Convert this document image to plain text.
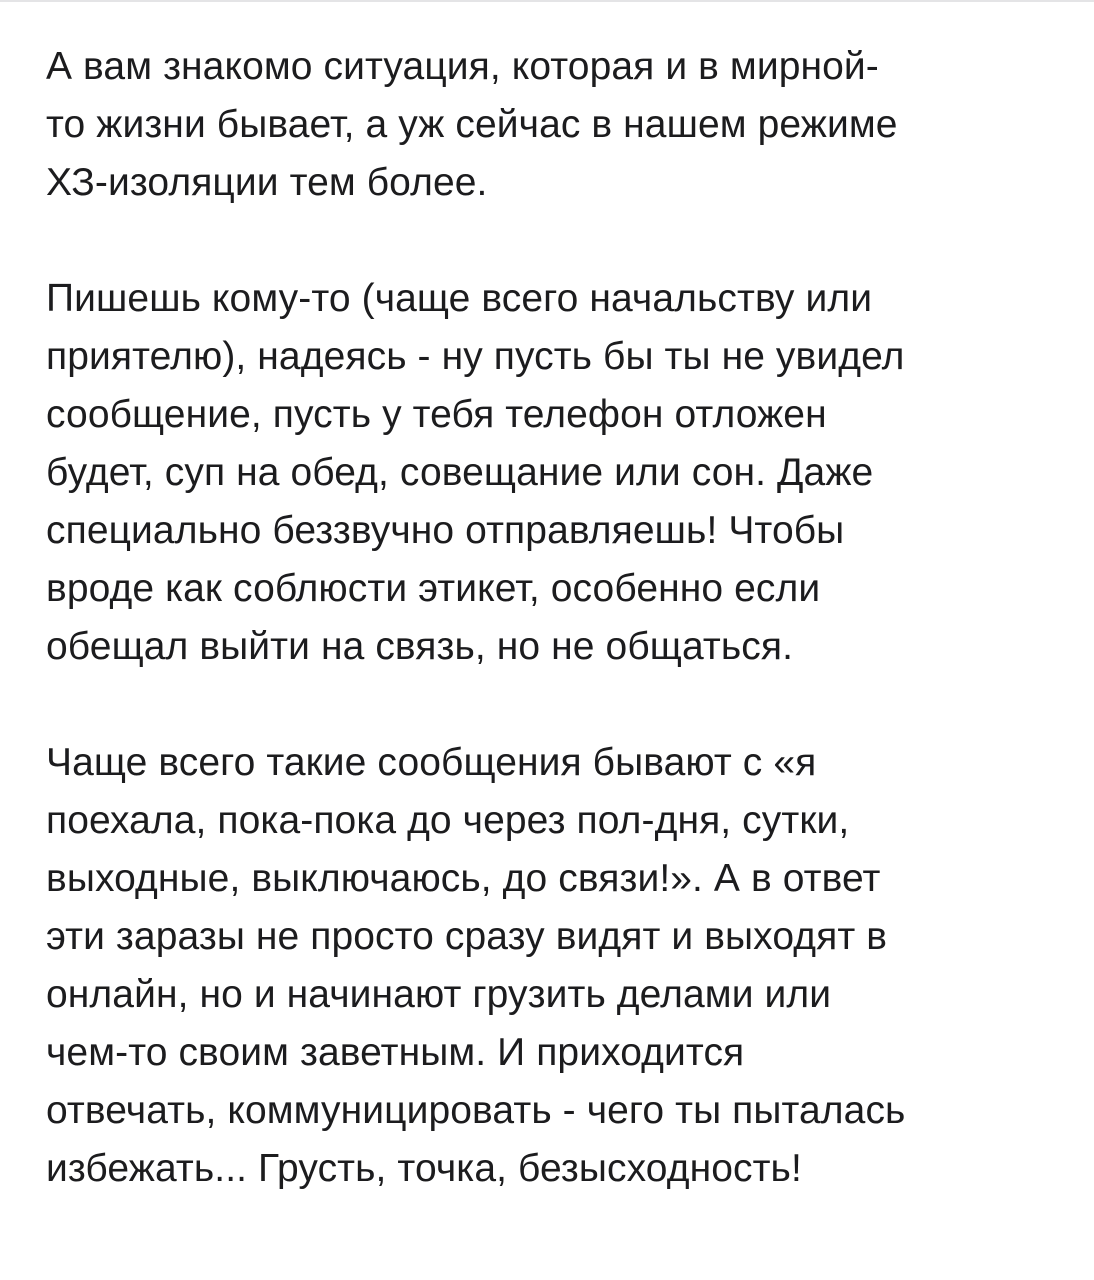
А вам знакомо ситуация, которая и в мирной-
то жизни бывает, а уж сейчас в нашем режиме
ХЗ-изоляции тем более.

Пишешь кому-то (чаще всего начальству или
приятелю), надеясь - ну пусть бы ты не увидел
сообщение, пусть у тебя телефон отложен
будет, суп на обед, совещание или сон. Даже
специально беззвучно отправляешь! Чтобы
вроде как соблюсти этикет, особенно если
обещал выйти на связь, но не общаться.

Чаще всего такие сообщения бывают с «я
поехала, пока-пока до через пол-дня, сутки,
выходные, выключаюсь, до связи!». А в ответ
эти заразы не просто сразу видят и выходят в
онлайн, но и начинают грузить делами или
чем-то своим заветным. И приходится
отвечать, коммуницировать - чего ты пыталась
избежать... Грусть, точка, безысходность!
